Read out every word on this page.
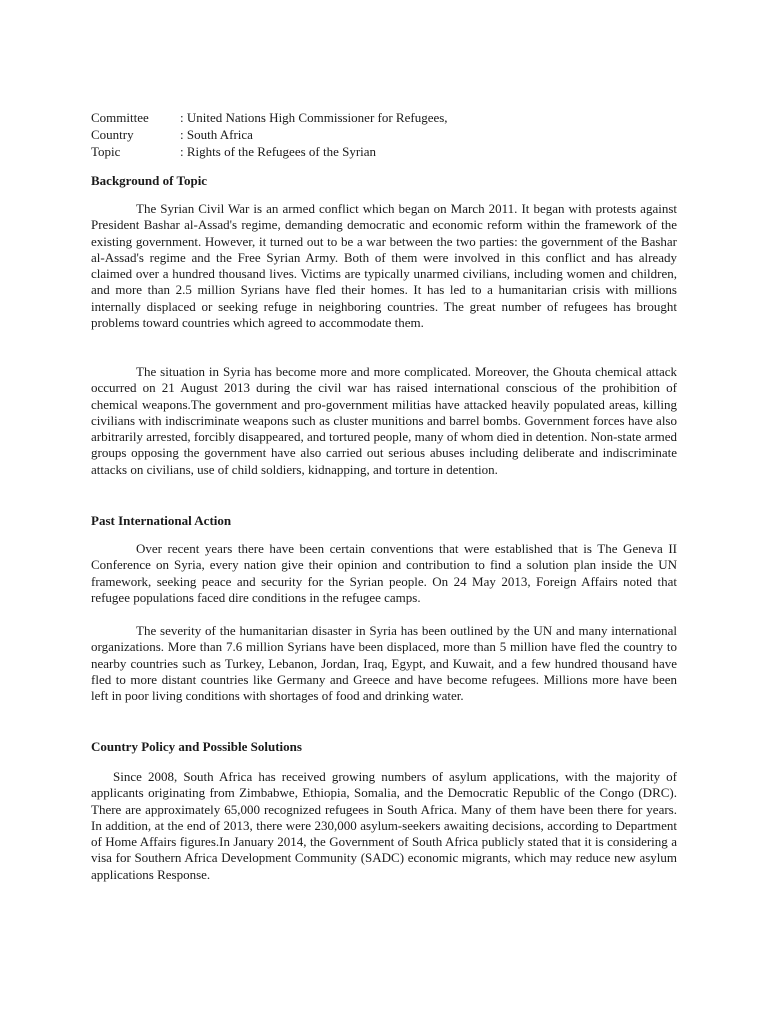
Committee : United Nations High Commissioner for Refugees,
Country	: South Africa
Topic	: Rights of the Refugees of the Syrian
Background of Topic
The Syrian Civil War is an armed conflict which began on March 2011. It began with protests against President Bashar al-Assad's regime, demanding democratic and economic reform within the framework of the existing government. However, it turned out to be a war between the two parties: the government of the Bashar al-Assad's regime and the Free Syrian Army. Both of them were involved in this conflict and has already claimed over a hundred thousand lives. Victims are typically unarmed civilians, including women and children, and more than 2.5 million Syrians have fled their homes. It has led to a humanitarian crisis with millions internally displaced or seeking refuge in neighboring countries. The great number of refugees has brought problems toward countries which agreed to accommodate them.
The situation in Syria has become more and more complicated. Moreover, the Ghouta chemical attack occurred on 21 August 2013 during the civil war has raised international conscious of the prohibition of chemical weapons.The government and pro-government militias have attacked heavily populated areas, killing civilians with indiscriminate weapons such as cluster munitions and barrel bombs. Government forces have also arbitrarily arrested, forcibly disappeared, and tortured people, many of whom died in detention. Non-state armed groups opposing the government have also carried out serious abuses including deliberate and indiscriminate attacks on civilians, use of child soldiers, kidnapping, and torture in detention.
Past International Action
Over recent years there have been certain conventions that were established that is The Geneva II Conference on Syria, every nation give their opinion and contribution to find a solution plan inside the UN framework, seeking peace and security for the Syrian people. On 24 May 2013, Foreign Affairs noted that refugee populations faced dire conditions in the refugee camps.
The severity of the humanitarian disaster in Syria has been outlined by the UN and many international organizations. More than 7.6 million Syrians have been displaced, more than 5 million have fled the country to nearby countries such as Turkey, Lebanon, Jordan, Iraq, Egypt, and Kuwait, and a few hundred thousand have fled to more distant countries like Germany and Greece and have become refugees. Millions more have been left in poor living conditions with shortages of food and drinking water.
Country Policy and Possible Solutions
Since 2008, South Africa has received growing numbers of asylum applications, with the majority of applicants originating from Zimbabwe, Ethiopia, Somalia, and the Democratic Republic of the Congo (DRC). There are approximately 65,000 recognized refugees in South Africa. Many of them have been there for years. In addition, at the end of 2013, there were 230,000 asylum-seekers awaiting decisions, according to Department of Home Affairs figures.In January 2014, the Government of South Africa publicly stated that it is considering a visa for Southern Africa Development Community (SADC) economic migrants, which may reduce new asylum applications Response.
